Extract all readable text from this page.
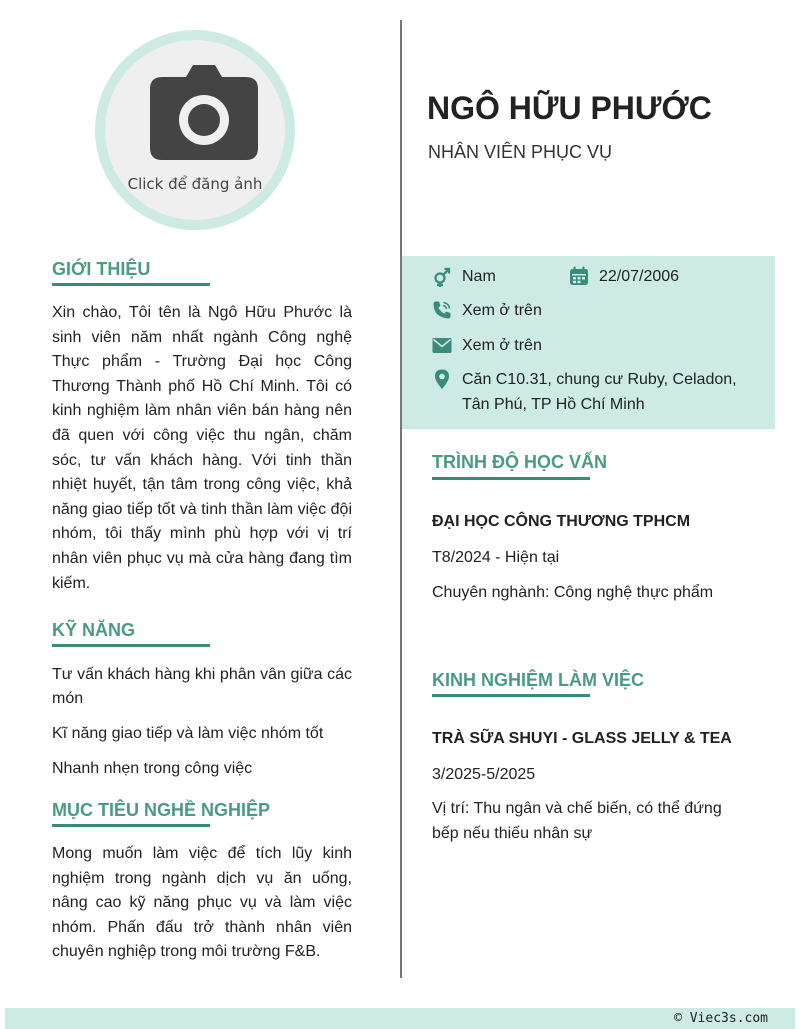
Click để đăng ảnh
GIỚI THIỆU
Xin chào, Tôi tên là Ngô Hữu Phước là sinh viên năm nhất ngành Công nghệ Thực phẩm - Trường Đại học Công Thương Thành phố Hồ Chí Minh. Tôi có kinh nghiệm làm nhân viên bán hàng nên đã quen với công việc thu ngân, chăm sóc, tư vấn khách hàng. Với tinh thần nhiệt huyết, tận tâm trong công việc, khả năng giao tiếp tốt và tinh thần làm việc đội nhóm, tôi thấy mình phù hợp với vị trí nhân viên phục vụ mà cửa hàng đang tìm kiếm.
KỸ NĂNG
Tư vấn khách hàng khi phân vân giữa các món
Kĩ năng giao tiếp và làm việc nhóm tốt
Nhanh nhẹn trong công việc
MỤC TIÊU NGHỀ NGHIỆP
Mong muốn làm việc để tích lũy kinh nghiệm trong ngành dịch vụ ăn uống, nâng cao kỹ năng phục vụ và làm việc nhóm. Phấn đấu trở thành nhân viên chuyên nghiệp trong môi trường F&B.
NGÔ HỮU PHƯỚC
NHÂN VIÊN PHỤC VỤ
Nam	22/07/2006
Xem ở trên
Xem ở trên
Căn C10.31, chung cư Ruby, Celadon,
Tân Phú, TP Hồ Chí Minh
TRÌNH ĐỘ HỌC VẤN
ĐẠI HỌC CÔNG THƯƠNG TPHCM
T8/2024 - Hiện tại
Chuyên nghành: Công nghệ thực phẩm
KINH NGHIỆM LÀM VIỆC
TRÀ SỮA SHUYI - GLASS JELLY & TEA
3/2025-5/2025
Vị trí: Thu ngân và chế biến, có thể đứng bếp nếu thiếu nhân sự
© Viec3s.com
